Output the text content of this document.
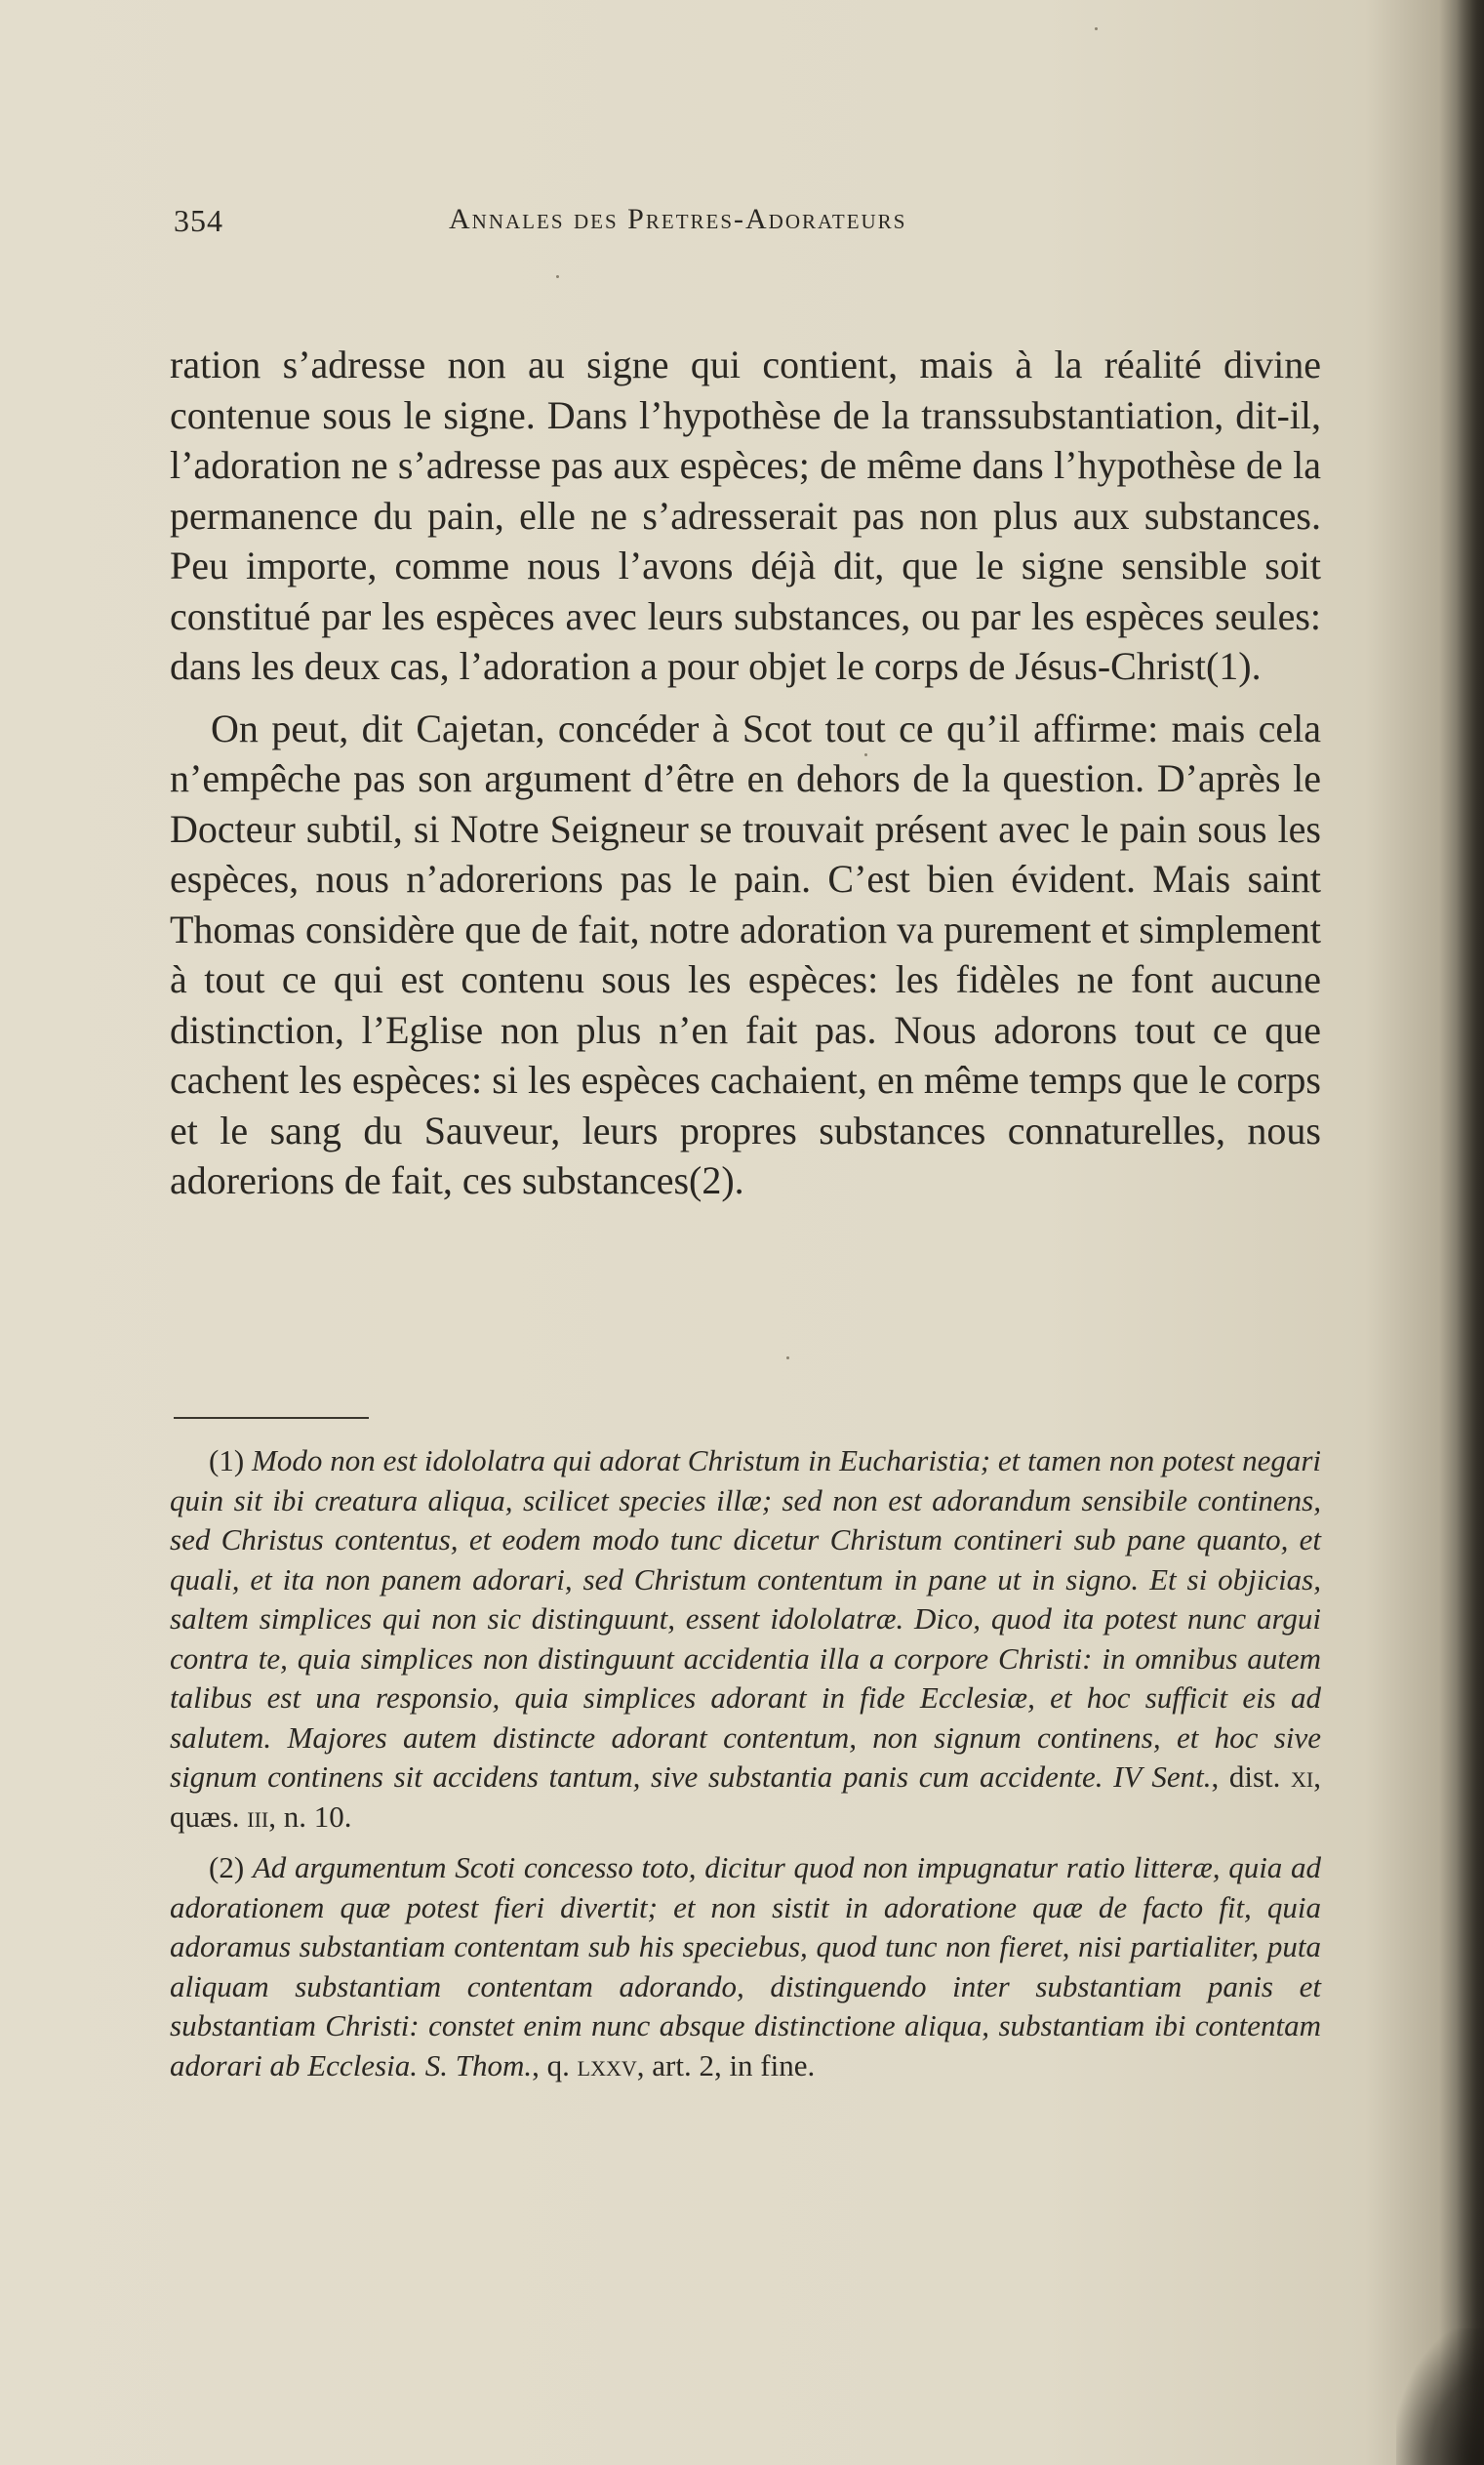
354	Annales des Pretres-Adorateurs

ration s’adresse non au signe qui contient, mais à la réalité divine contenue sous le signe. Dans l’hypothèse de la transsubstantiation, dit-il, l’adoration ne s’adresse pas aux espèces; de même dans l’hypothèse de la permanence du pain, elle ne s’adresserait pas non plus aux substances. Peu importe, comme nous l’avons déjà dit, que le signe sensible soit constitué par les espèces avec leurs substances, ou par les espèces seules: dans les deux cas, l’adoration a pour objet le corps de Jésus-Christ(1).

On peut, dit Cajetan, concéder à Scot tout ce qu’il affirme: mais cela n’empêche pas son argument d’être en dehors de la question. D’après le Docteur subtil, si Notre Seigneur se trouvait présent avec le pain sous les espèces, nous n’adorerions pas le pain. C’est bien évident. Mais saint Thomas considère que de fait, notre adoration va purement et simplement à tout ce qui est contenu sous les espèces: les fidèles ne font aucune distinction, l’Eglise non plus n’en fait pas. Nous adorons tout ce que cachent les espèces: si les espèces cachaient, en même temps que le corps et le sang du Sauveur, leurs propres substances connaturelles, nous adorerions de fait, ces substances(2).

(1) Modo non est idololatra qui adorat Christum in Eucharistia; et tamen non potest negari quin sit ibi creatura aliqua, scilicet species illæ; sed non est adorandum sensibile continens, sed Christus contentus, et eodem modo tunc dicetur Christum contineri sub pane quanto, et quali, et ita non panem adorari, sed Christum contentum in pane ut in signo. Et si objicias, saltem simplices qui non sic distinguunt, essent idololatræ. Dico, quod ita potest nunc argui contra te, quia simplices non distinguunt accidentia illa a corpore Christi: in omnibus autem talibus est una responsio, quia simplices adorant in fide Ecclesiæ, et hoc sufficit eis ad salutem. Majores autem distincte adorant contentum, non signum continens, et hoc sive signum continens sit accidens tantum, sive substantia panis cum accidente. IV Sent., dist. xi, quæs. iii, n. 10.

(2) Ad argumentum Scoti concesso toto, dicitur quod non impugnatur ratio litteræ, quia ad adorationem quæ potest fieri divertit; et non sistit in adoratione quæ de facto fit, quia adoramus substantiam contentam sub his speciebus, quod tunc non fieret, nisi partialiter, puta aliquam substantiam contentam adorando, distinguendo inter substantiam panis et substantiam Christi: constet enim nunc absque distinctione aliqua, substantiam ibi contentam adorari ab Ecclesia. S. Thom., q. lxxv, art. 2, in fine.
